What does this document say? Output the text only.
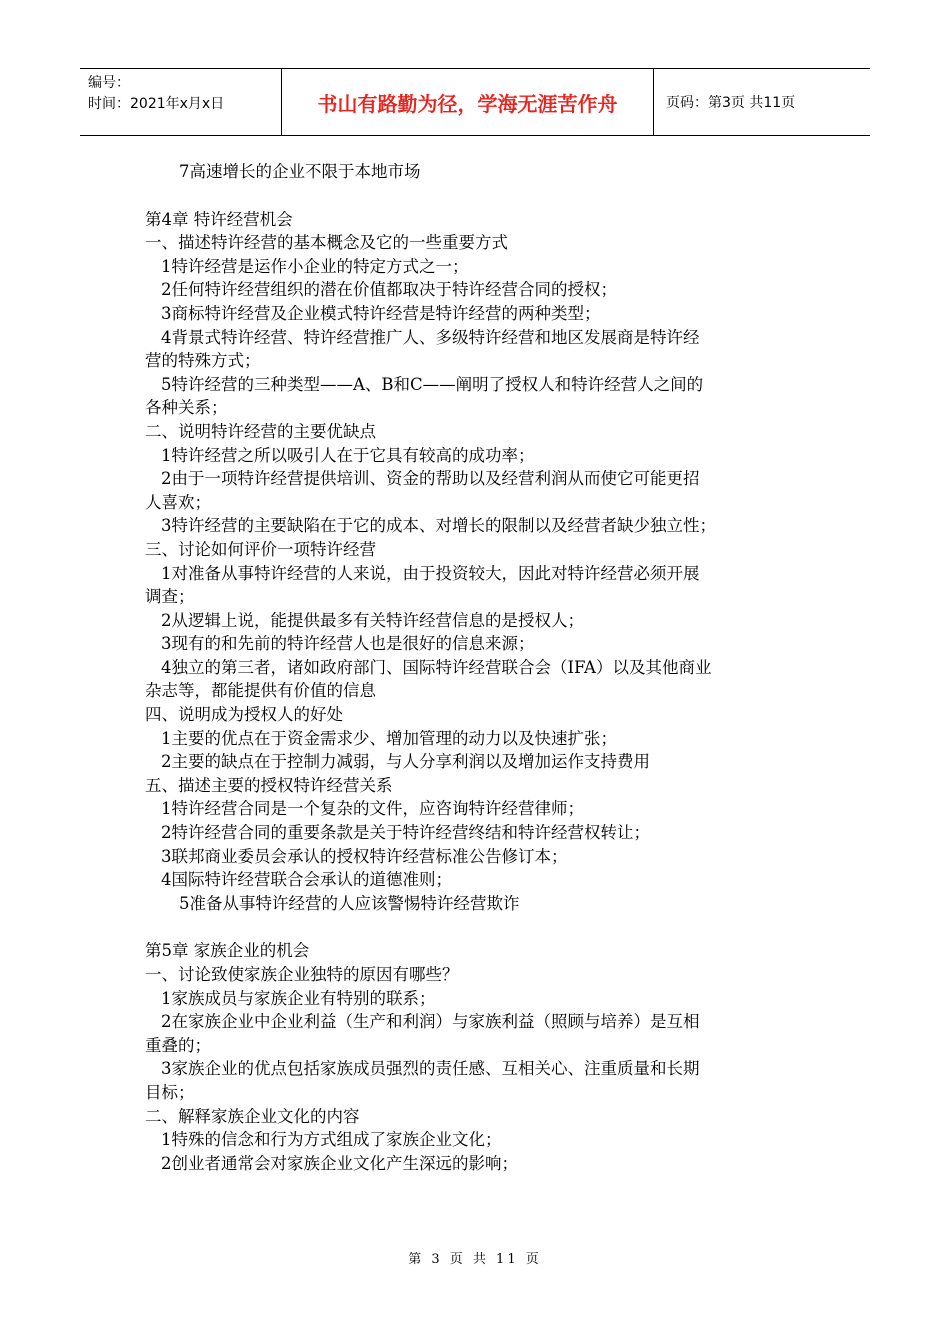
编号：
时间：2021年x月x日	书山有路勤为径，学海无涯苦作舟	页码：第3页 共11页

7高速增长的企业不限于本地市场

第4章 特许经营机会

一、描述特许经营的基本概念及它的一些重要方式

1特许经营是运作小企业的特定方式之一；

2任何特许经营组织的潜在价值都取决于特许经营合同的授权；

3商标特许经营及企业模式特许经营是特许经营的两种类型；

4背景式特许经营、特许经营推广人、多级特许经营和地区发展商是特许经

营的特殊方式；

5特许经营的三种类型——A、B和C——阐明了授权人和特许经营人之间的

各种关系；

二、说明特许经营的主要优缺点

1特许经营之所以吸引人在于它具有较高的成功率；

2由于一项特许经营提供培训、资金的帮助以及经营利润从而使它可能更招

人喜欢；

3特许经营的主要缺陷在于它的成本、对增长的限制以及经营者缺少独立性；

三、讨论如何评价一项特许经营

1对准备从事特许经营的人来说，由于投资较大，因此对特许经营必须开展

调查；

2从逻辑上说，能提供最多有关特许经营信息的是授权人；

3现有的和先前的特许经营人也是很好的信息来源；

4独立的第三者，诸如政府部门、国际特许经营联合会（IFA）以及其他商业

杂志等，都能提供有价值的信息

四、说明成为授权人的好处

1主要的优点在于资金需求少、增加管理的动力以及快速扩张；

2主要的缺点在于控制力减弱，与人分享利润以及增加运作支持费用

五、描述主要的授权特许经营关系

1特许经营合同是一个复杂的文件，应咨询特许经营律师；

2特许经营合同的重要条款是关于特许经营终结和特许经营权转让；

3联邦商业委员会承认的授权特许经营标准公告修订本；

4国际特许经营联合会承认的道德准则；

5准备从事特许经营的人应该警惕特许经营欺诈

第5章 家族企业的机会

一、讨论致使家族企业独特的原因有哪些？

1家族成员与家族企业有特别的联系；

2在家族企业中企业利益（生产和利润）与家族利益（照顾与培养）是互相

重叠的；

3家族企业的优点包括家族成员强烈的责任感、互相关心、注重质量和长期

目标；

二、解释家族企业文化的内容

1特殊的信念和行为方式组成了家族企业文化；

2创业者通常会对家族企业文化产生深远的影响；

第 3 页 共 11 页
